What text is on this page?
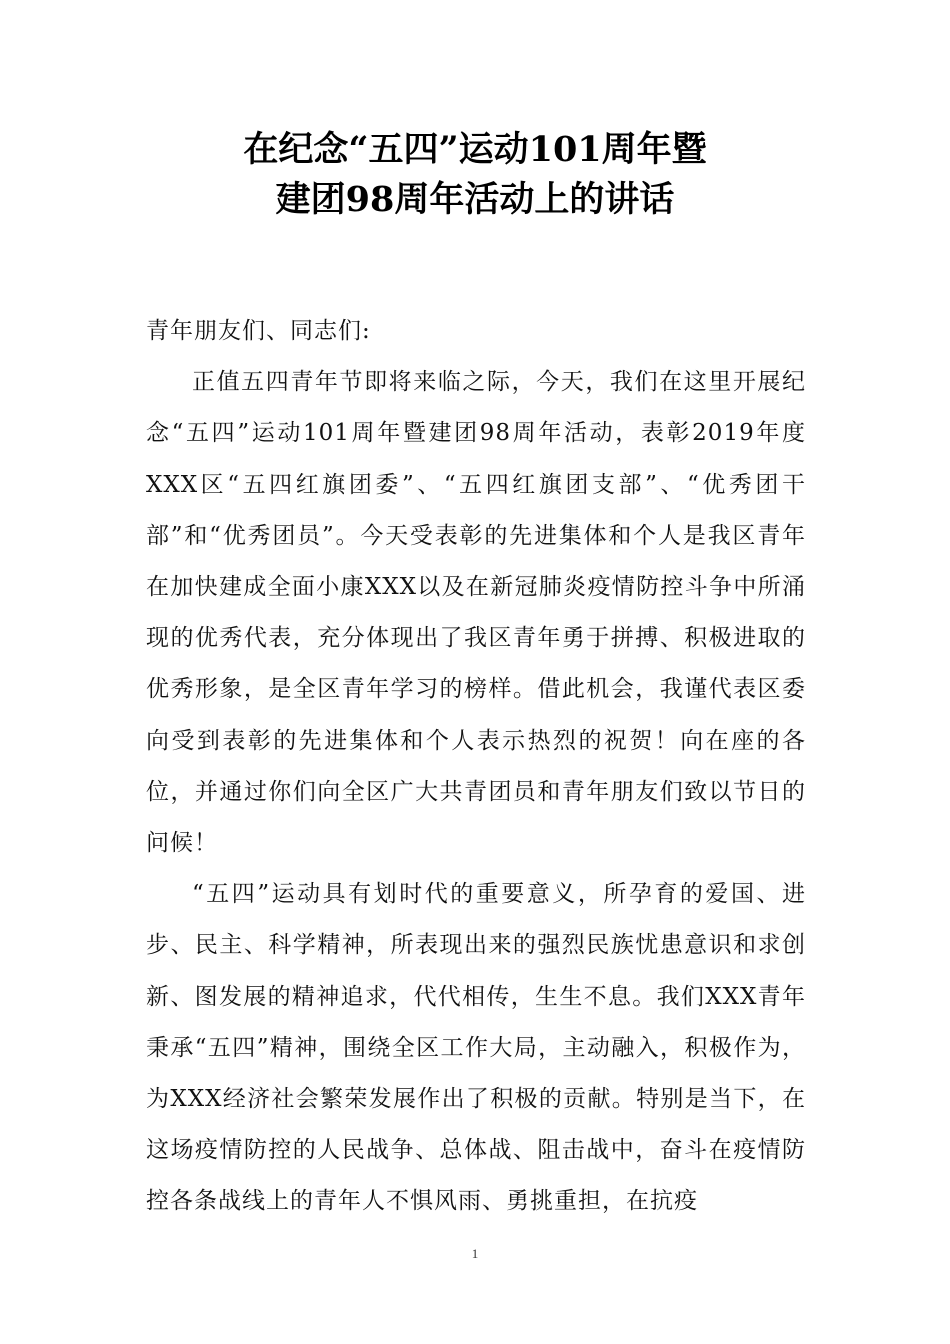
在纪念“五四”运动101周年暨
建团98周年活动上的讲话

青年朋友们、同志们:

正值五四青年节即将来临之际，今天，我们在这里开展纪念“五四”运动101周年暨建团98周年活动，表彰2019年度XXX区“五四红旗团委”、“五四红旗团支部”、“优秀团干部”和“优秀团员”。今天受表彰的先进集体和个人是我区青年在加快建成全面小康XXX以及在新冠肺炎疫情防控斗争中所涌现的优秀代表，充分体现出了我区青年勇于拼搏、积极进取的优秀形象，是全区青年学习的榜样。借此机会，我谨代表区委向受到表彰的先进集体和个人表示热烈的祝贺！向在座的各位，并通过你们向全区广大共青团员和青年朋友们致以节日的问候！

“五四”运动具有划时代的重要意义，所孕育的爱国、进步、民主、科学精神，所表现出来的强烈民族忧患意识和求创新、图发展的精神追求，代代相传，生生不息。我们XXX青年秉承“五四”精神，围绕全区工作大局，主动融入，积极作为，为XXX经济社会繁荣发展作出了积极的贡献。特别是当下，在这场疫情防控的人民战争、总体战、阻击战中，奋斗在疫情防控各条战线上的青年人不惧风雨、勇挑重担，在抗疫

1
